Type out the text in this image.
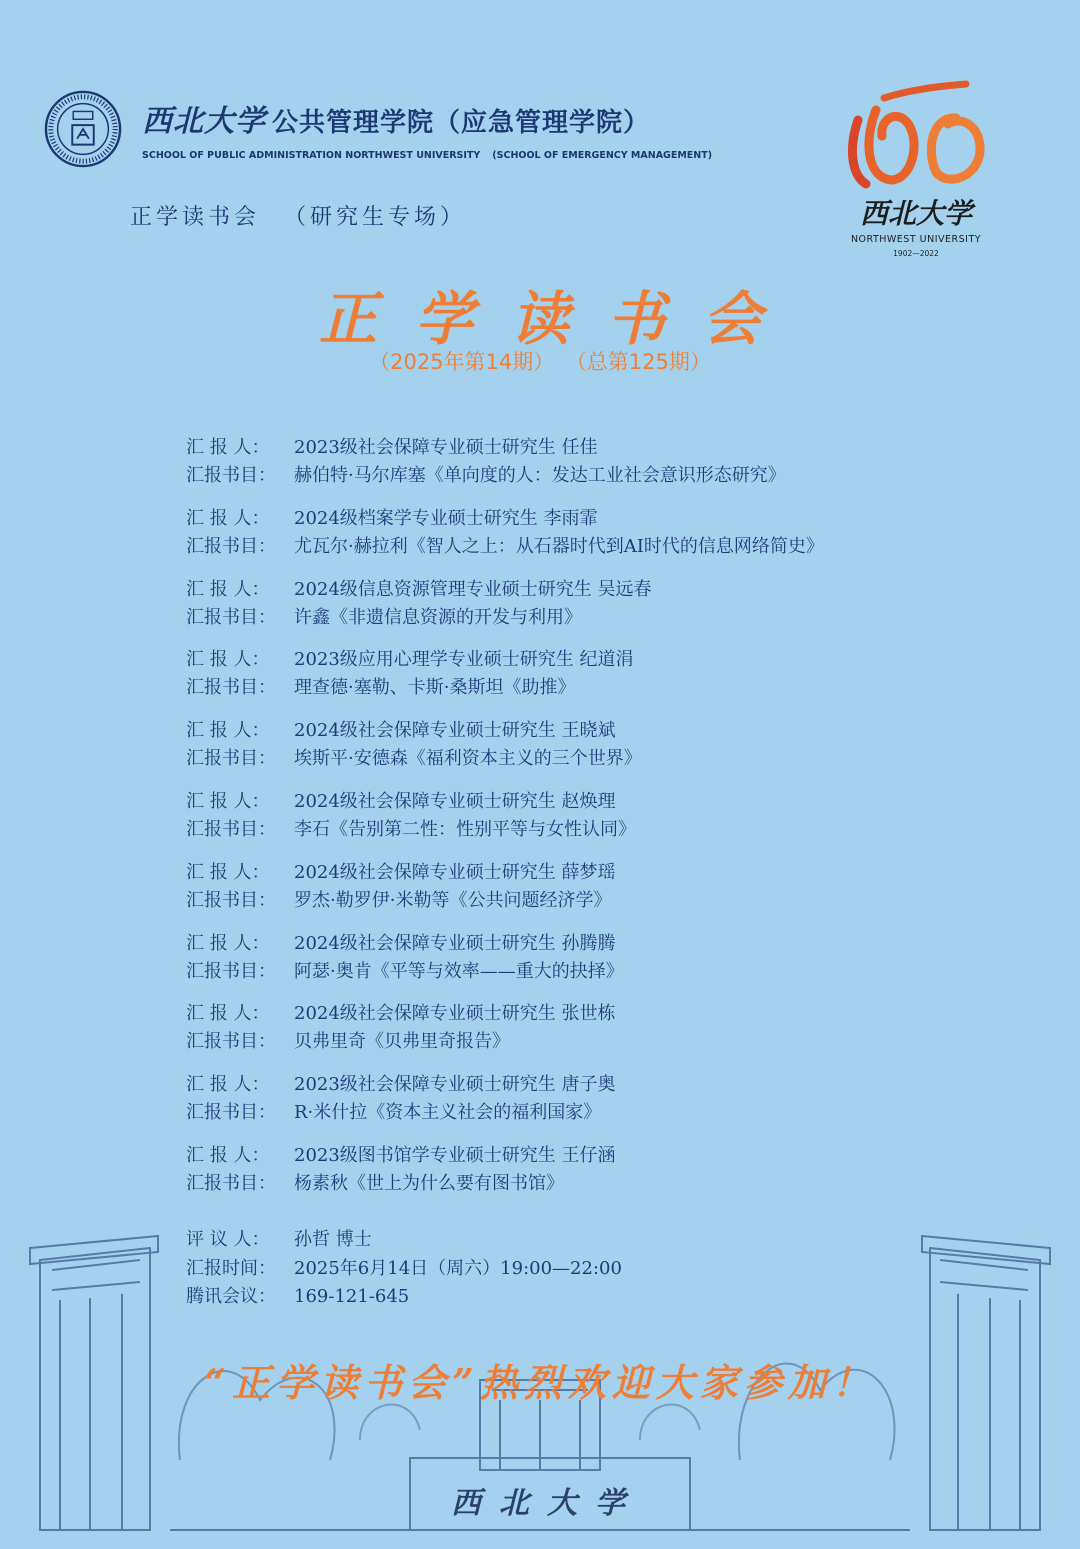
西北大学 公共管理学院（应急管理学院）
SCHOOL OF PUBLIC ADMINISTRATION NORTHWEST UNIVERSITY (SCHOOL OF EMERGENCY MANAGEMENT)
西北大学
NORTHWEST UNIVERSITY
1902—2022
正学读书会 （研究生专场）
正学读书会
（2025年第14期） （总第125期）
汇 报 人： 2023级社会保障专业硕士研究生 任佳
汇报书目： 赫伯特·马尔库塞《单向度的人：发达工业社会意识形态研究》
汇 报 人： 2024级档案学专业硕士研究生 李雨霏
汇报书目： 尤瓦尔·赫拉利《智人之上：从石器时代到AI时代的信息网络简史》
汇 报 人： 2024级信息资源管理专业硕士研究生 吴远春
汇报书目： 许鑫《非遗信息资源的开发与利用》
汇 报 人： 2023级应用心理学专业硕士研究生 纪道涓
汇报书目： 理查德·塞勒、卡斯·桑斯坦《助推》
汇 报 人： 2024级社会保障专业硕士研究生 王晓斌
汇报书目： 埃斯平·安德森《福利资本主义的三个世界》
汇 报 人： 2024级社会保障专业硕士研究生 赵焕理
汇报书目： 李石《告别第二性：性别平等与女性认同》
汇 报 人： 2024级社会保障专业硕士研究生 薛梦瑶
汇报书目： 罗杰·勒罗伊·米勒等《公共问题经济学》
汇 报 人： 2024级社会保障专业硕士研究生 孙腾腾
汇报书目： 阿瑟·奥肯《平等与效率——重大的抉择》
汇 报 人： 2024级社会保障专业硕士研究生 张世栋
汇报书目： 贝弗里奇《贝弗里奇报告》
汇 报 人： 2023级社会保障专业硕士研究生 唐子奥
汇报书目： R·米什拉《资本主义社会的福利国家》
汇 报 人： 2023级图书馆学专业硕士研究生 王仔涵
汇报书目： 杨素秋《世上为什么要有图书馆》
西北大学
评 议 人： 孙哲 博士
汇报时间： 2025年6月14日（周六）19:00—22:00
腾讯会议： 169-121-645
“正学读书会”热烈欢迎大家参加！
